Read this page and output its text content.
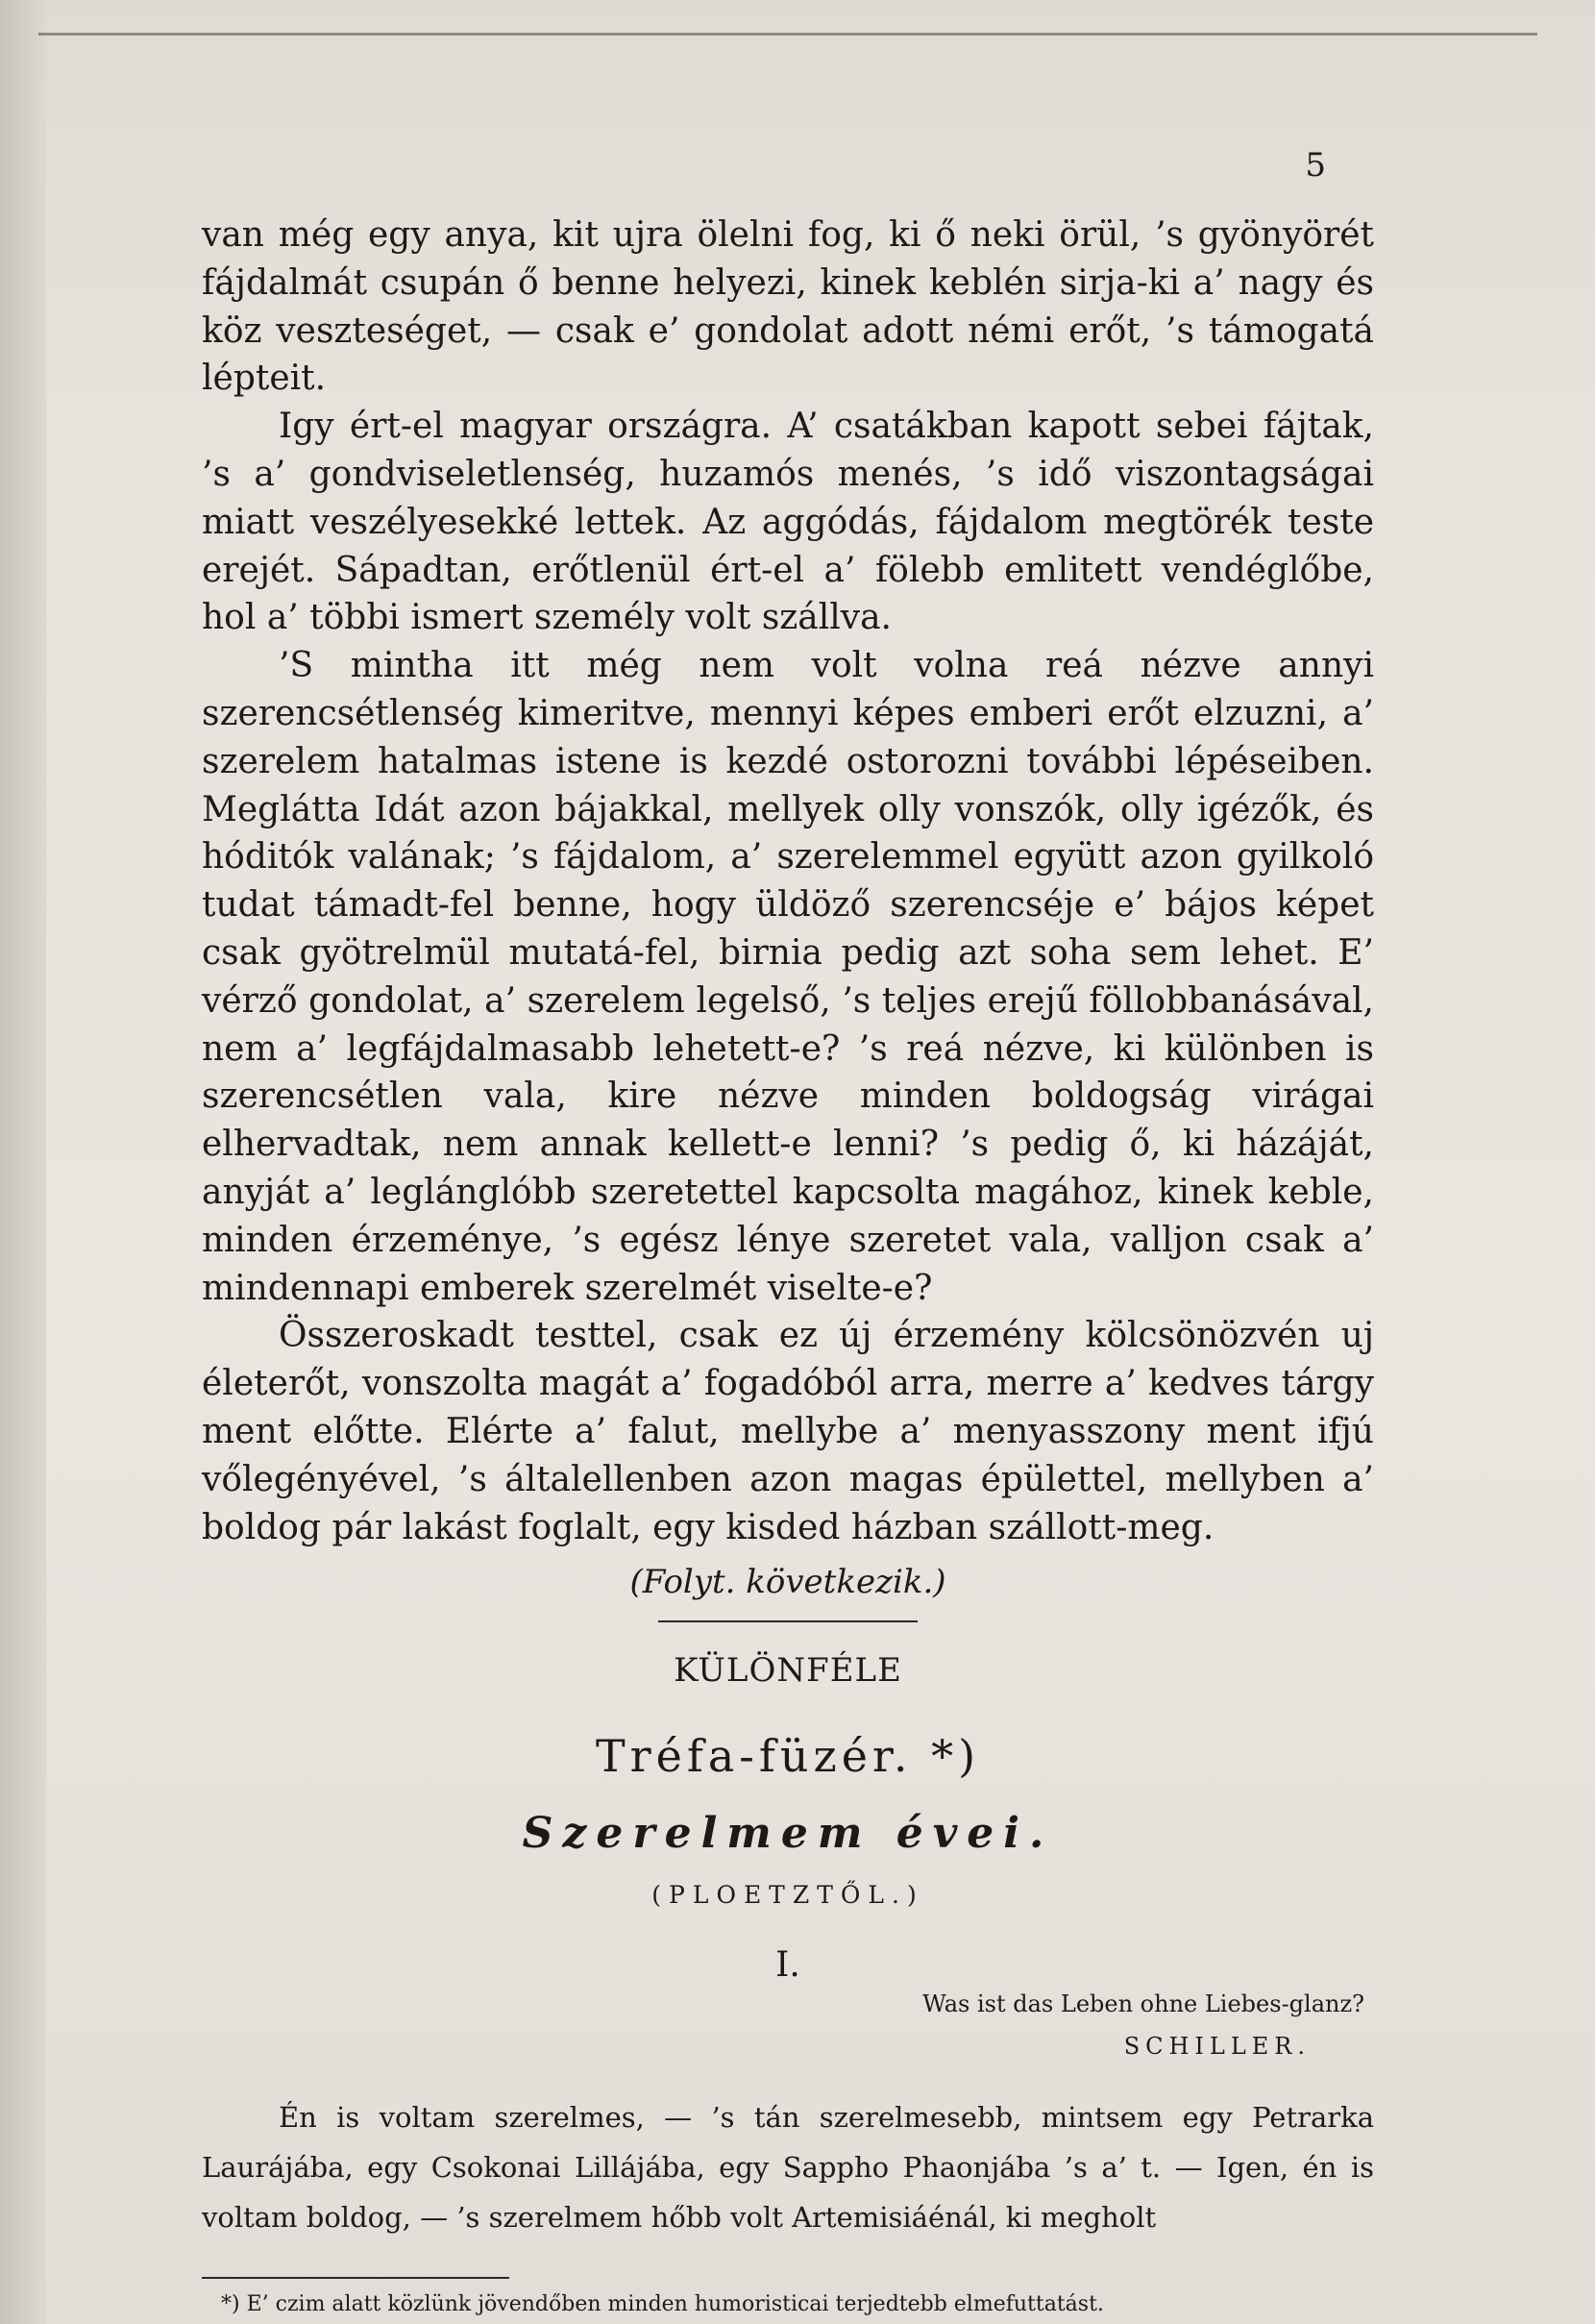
5

van még egy anya, kit ujra ölelni fog, ki ő neki örül, ’s gyönyörét fájdalmát csupán ő benne helyezi, kinek keblén sirja-ki a’ nagy és köz veszteséget, — csak e’ gondolat adott némi erőt, ’s támogatá lépteit.

Igy ért-el magyar országra. A’ csatákban kapott sebei fájtak, ’s a’ gondviseletlenség, huzamós menés, ’s idő viszontagságai miatt veszélyesekké lettek. Az aggódás, fájdalom megtörék teste erejét. Sápadtan, erőtlenül ért-el a’ fölebb emlitett vendéglőbe, hol a’ többi ismert személy volt szállva.

’S mintha itt még nem volt volna reá nézve annyi szerencsétlenség kimeritve, mennyi képes emberi erőt elzuzni, a’ szerelem hatalmas istene is kezdé ostorozni további lépéseiben. Meglátta Idát azon bájakkal, mellyek olly vonszók, olly igézők, és hóditók valának; ’s fájdalom, a’ szerelemmel együtt azon gyilkoló tudat támadt-fel benne, hogy üldöző szerencséje e’ bájos képet csak gyötrelmül mutatá-fel, birnia pedig azt soha sem lehet. E’ vérző gondolat, a’ szerelem legelső, ’s teljes erejű föllobbanásával, nem a’ legfájdalmasabb lehetett-e? ’s reá nézve, ki különben is szerencsétlen vala, kire nézve minden boldogság virágai elhervadtak, nem annak kellett-e lenni? ’s pedig ő, ki házáját, anyját a’ leglánglóbb szeretettel kapcsolta magához, kinek keble, minden érzeménye, ’s egész lénye szeretet vala, valljon csak a’ mindennapi emberek szerelmét viselte-e?

Összeroskadt testtel, csak ez új érzemény kölcsönözvén uj életerőt, vonszolta magát a’ fogadóból arra, merre a’ kedves tárgy ment előtte. Elérte a’ falut, mellybe a’ menyasszony ment ifjú vőlegényével, ’s általellenben azon magas épülettel, mellyben a’ boldog pár lakást foglalt, egy kisded házban szállott-meg.

(Folyt. következik.)
KÜLÖNFÉLE
Tréfa-füzér. *)
Szerelmem évei.
(PLOETZTŐL.)
I.
Was ist das Leben ohne Liebes-glanz?
SCHILLER.

Én is voltam szerelmes, — ’s tán szerelmesebb, mintsem egy Petrarka Laurájába, egy Csokonai Lillájába, egy Sappho Phaonjába ’s a’ t. — Igen, én is voltam boldog, — ’s szerelmem hőbb volt Artemisiáénál, ki megholt

*) E’ czim alatt közlünk jövendőben minden humoristicai terjedtebb elmefuttatást.
